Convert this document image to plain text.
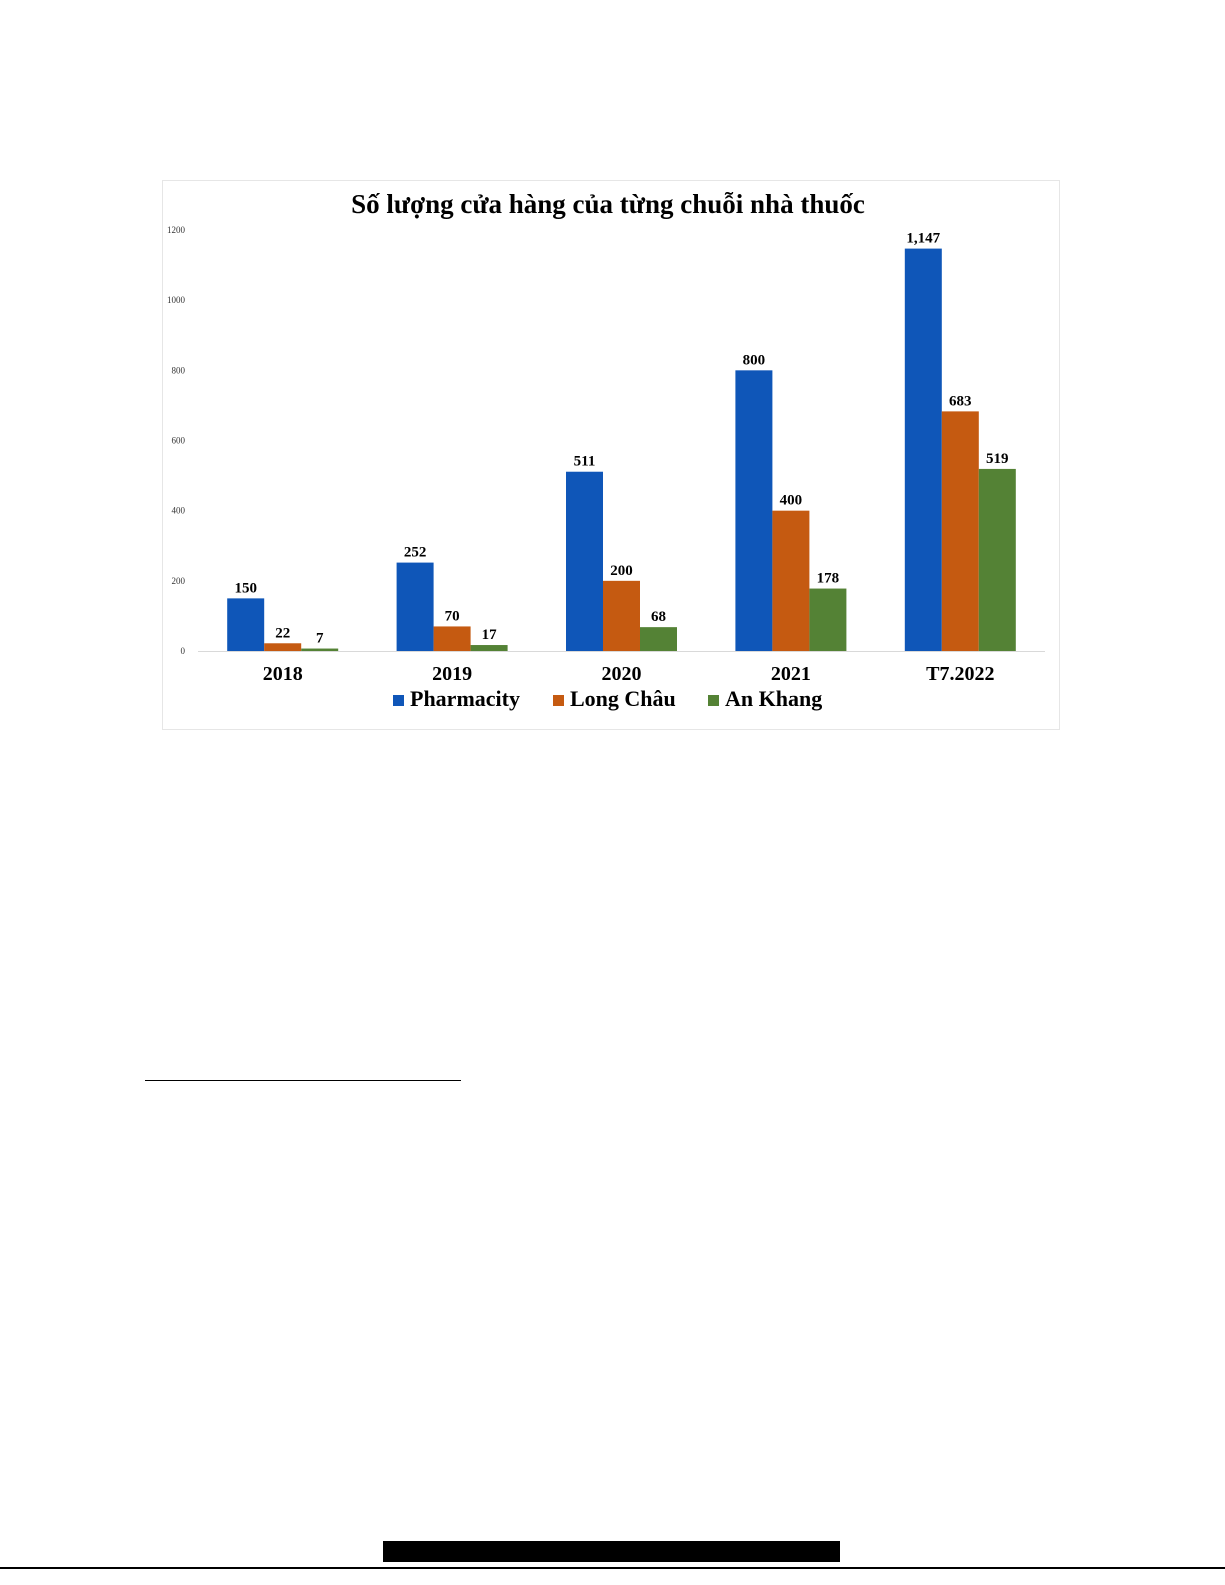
Số lượng cửa hàng của từng chuỗi nhà thuốc
0
200
400
600
800
1000
1200
150
22 7
252
70
17
511
200
68
800
400
178
1,147
683
519
2018	2019	2020	2021	T7.2022
Pharmacity Long Châu An Khang
